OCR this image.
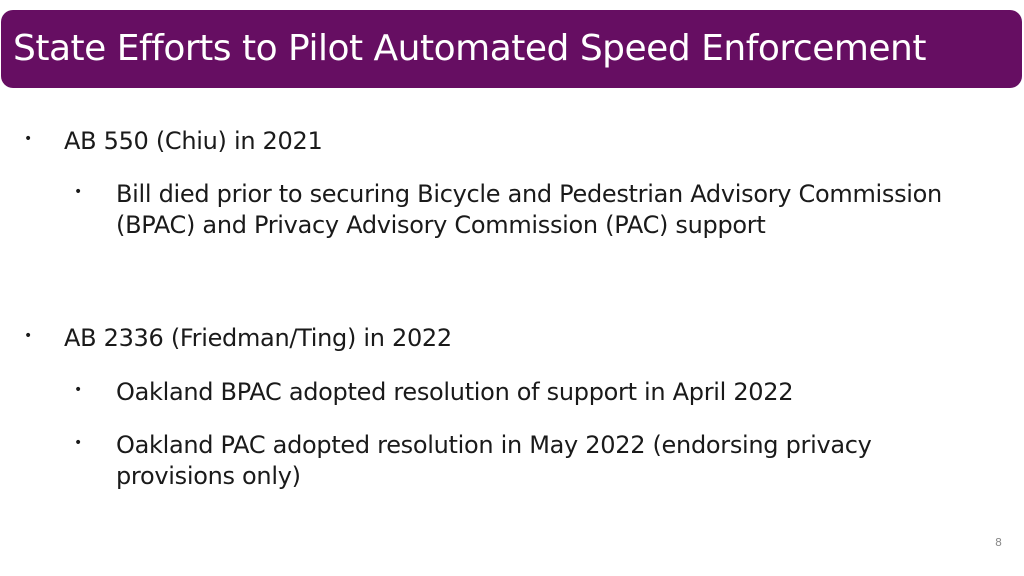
State Efforts to Pilot Automated Speed Enforcement
• AB 550 (Chiu) in 2021
• Bill died prior to securing Bicycle and Pedestrian Advisory Commission (BPAC) and Privacy Advisory Commission (PAC) support
• AB 2336 (Friedman/Ting) in 2022
• Oakland BPAC adopted resolution of support in April 2022
• Oakland PAC adopted resolution in May 2022 (endorsing privacy provisions only)
8
